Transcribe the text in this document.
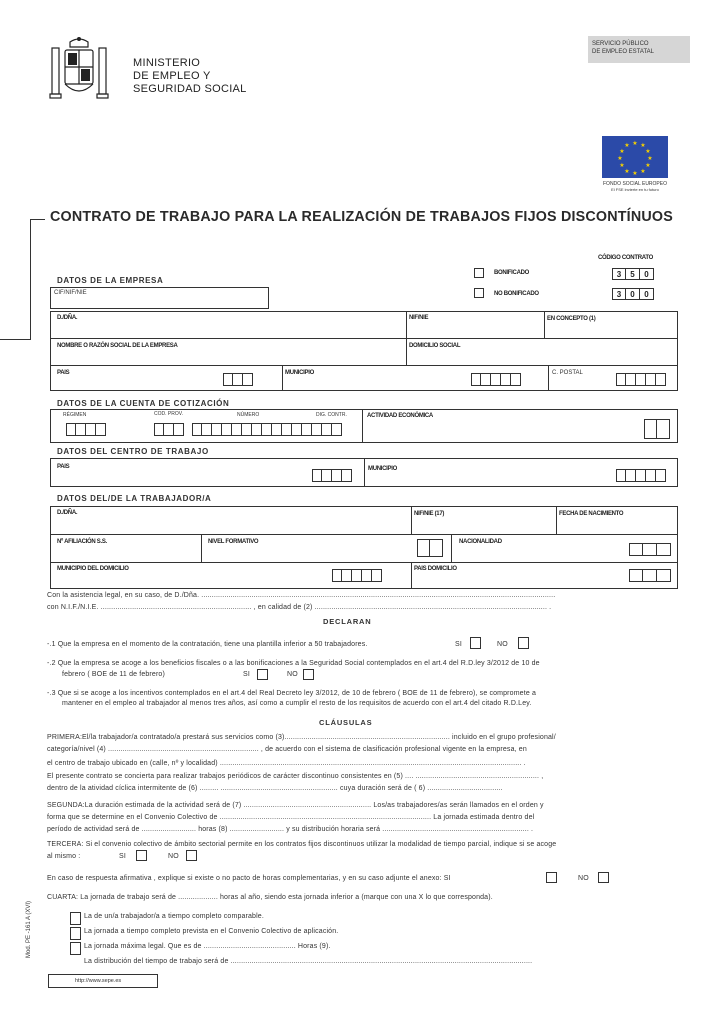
MINISTERIO
DE EMPLEO Y
SEGURIDAD SOCIAL
SERVICIO PÚBLICO
DE EMPLEO ESTATAL
★ ★
★
★
★
★
★
★
★
★
★
★
FONDO SOCIAL EUROPEO
El FSE invierte en tu futuro
CONTRATO DE TRABAJO PARA LA REALIZACIÓN DE TRABAJOS FIJOS DISCONTÍNUOS
CÓDIGO CONTRATO
BONIFICADO	3	5	0
NO BONIFICADO	3	0	0
DATOS DE LA EMPRESA
CIF/NIF/NIE
D./DÑA.	NIF/NIE	EN CONCEPTO (1)
NOMBRE O RAZÓN SOCIAL DE LA EMPRESA	DOMICILIO SOCIAL
PAIS	MUNICIPIO	C. POSTAL
DATOS DE LA CUENTA DE COTIZACIÓN
RÉGIMEN	COD. PROV.	NÚMERO	DIG. CONTR.	ACTIVIDAD ECONÓMICA
DATOS DEL CENTRO DE TRABAJO
PAIS	MUNICIPIO
DATOS DEL/DE LA TRABAJADOR/A
D./DÑA.	NIF/NIE (17)	FECHA DE NACIMIENTO
Nº AFILIACIÓN S.S.	NIVEL FORMATIVO	NACIONALIDAD
MUNICIPIO DEL DOMICILIO	PAIS DOMICILIO
Con la asistencia legal, en su caso, de D./Dña. .........................................................................................................................................................................
con N.I.F./N.I.E. ........................................................................ , en calidad de (2) ............................................................................................................... .
DECLARAN
-.1 Que la empresa en el momento de la contratación, tiene una plantilla inferior a 50 trabajadores.	SI	NO
-.2 Que la empresa se acoge a los beneficios fiscales o a las bonificaciones a la Seguridad Social contemplados en el art.4 del R.D.ley 3/2012 de 10 de
febrero ( BOE de 11 de febrero)	SI	NO
-.3 Que si se acoge a los incentivos contemplados en el art.4 del Real Decreto ley 3/2012, de 10 de febrero ( BOE de 11 de febrero), se compromete a
mantener en el empleo al trabajador al menos tres años, así como a cumplir el resto de los requisitos de acuerdo con el art.4 del citado R.D.Ley.
CLÁUSULAS
PRIMERA:El/la trabajador/a contratado/a prestará sus servicios como (3)............................................................................... incluido en el grupo profesional/
categoría/nivel (4) ........................................................................ , de acuerdo con el sistema de clasificación profesional vigente en la empresa, en
el centro de trabajo ubicado en (calle, nº y localidad) ................................................................................................................................................ .
El presente contrato se concierta para realizar trabajos periódicos de carácter discontinuo consistentes en (5) .... ........................................................... ,
dentro de la atividad cíclica intermitente de (6) ......... ........................................................ cuya duración será de ( 6) ....................................
SEGUNDA:La duración estimada de la actividad será de (7) ............................................................. Los/as trabajadores/as serán llamados en el orden y
forma que se determine en el Convenio Colectivo de ..................................................................................................... La jornada estimada dentro del
período de actividad será de .......................... horas (8) .......................... y su distribución horaria será ...................................................................... .
TERCERA: Si el convenio colectivo de ámbito sectorial permite en los contratos fijos discontinuos utilizar la modalidad de tiempo parcial, indique si se acoge
al mismo :	SI	NO
En caso de respuesta afirmativa , explique si existe o no pacto de horas complementarias, y en su caso adjunte el anexo: SI	NO
CUARTA: La jornada de trabajo será de ................... horas al año, siendo esta jornada inferior a (marque con una X lo que corresponda).
La de un/a trabajador/a a tiempo completo comparable.
La jornada a tiempo completo prevista en el Convenio Colectivo de aplicación.
La jornada máxima legal. Que es de ............................................ Horas (9).
La distribución del tiempo de trabajo será de ................................................................................................................................................
Mod. PE -161 A (XVI)
http://www.sepe.es
